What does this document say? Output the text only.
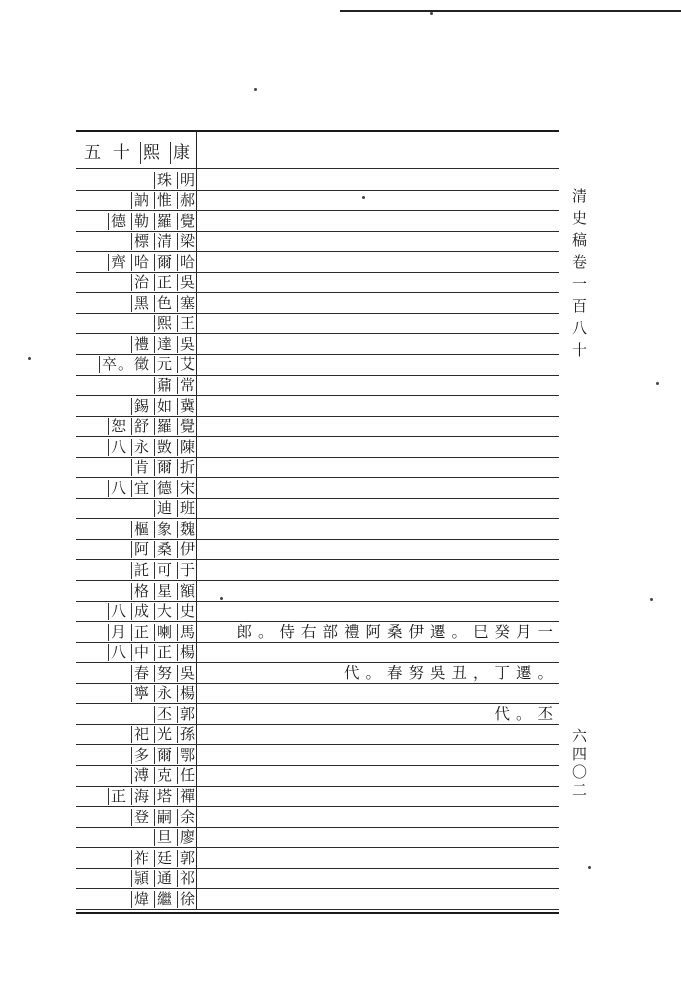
清史稿卷一百八十
六四〇二
五 十 熙 康
珠 明
訥 惟 郝
德 勒 羅 覺
標 清 梁
齊 哈 爾 哈
治 正 吳
黑 色 塞
熙 王
禮 達 吳
卒。徵 元 艾
鼐 常
錫 如 冀
恕 舒 羅 覺
八 永 敳 陳
肯 爾 折
八 宜 德 宋
迪 班
樞 象 魏
阿 桑 伊
託 可 于
格 星 額
八 成 大 史
月 正 喇 馬	郎。侍右部禮阿桑伊遷。巳癸月一
八 中 正 楊
春 努 吳	代。春努吳丑，丁遷。
寧 永 楊
丕 郭	代。丕
祀 光 孫
多 爾 鄂
溥 克 任
正 海 塔 禪
登 嗣 余
旦 廖
祚 廷 郭
頴 通 祁
煒 繼 徐
